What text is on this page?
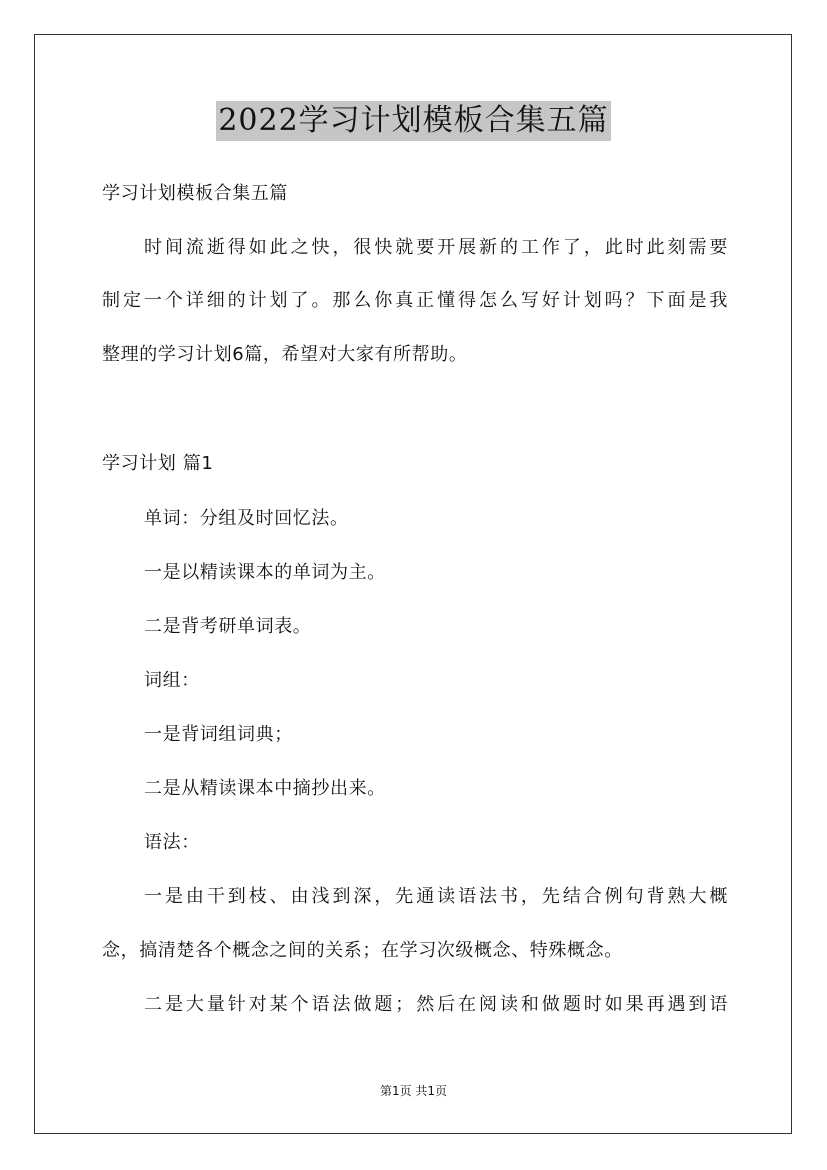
2022学习计划模板合集五篇
学习计划模板合集五篇
时间流逝得如此之快，很快就要开展新的工作了，此时此刻需要
制定一个详细的计划了。那么你真正懂得怎么写好计划吗？下面是我
整理的学习计划6篇，希望对大家有所帮助。
学习计划 篇1
单词：分组及时回忆法。
一是以精读课本的单词为主。
二是背考研单词表。
词组：
一是背词组词典；
二是从精读课本中摘抄出来。
语法：
一是由干到枝、由浅到深，先通读语法书，先结合例句背熟大概
念，搞清楚各个概念之间的关系；在学习次级概念、特殊概念。
二是大量针对某个语法做题；然后在阅读和做题时如果再遇到语
第1页 共1页
